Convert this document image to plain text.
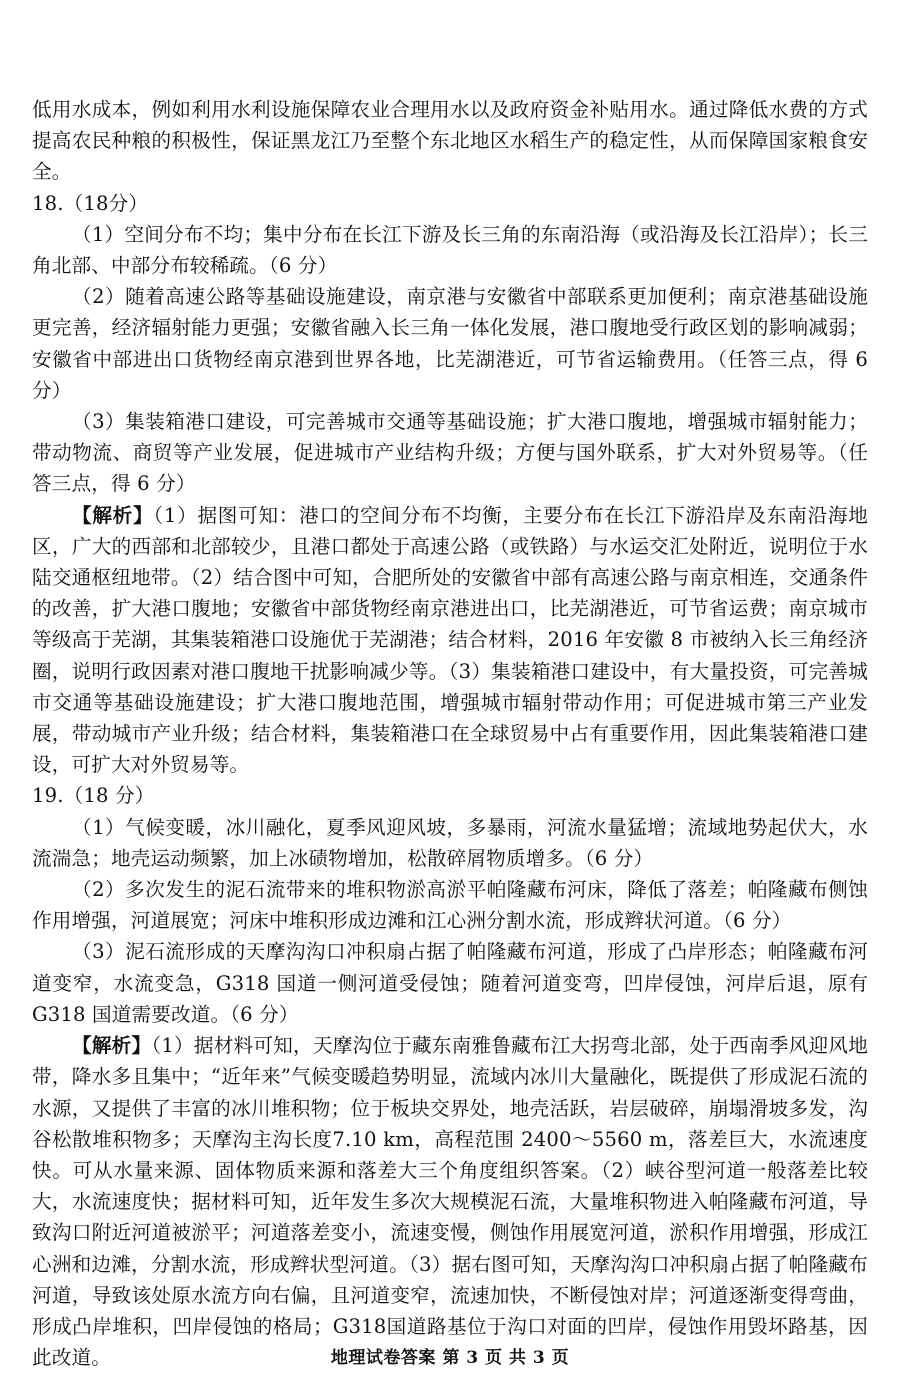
低用水成本，例如利用水利设施保障农业合理用水以及政府资金补贴用水。通过降低水费的方式提高农民种粮的积极性，保证黑龙江乃至整个东北地区水稻生产的稳定性，从而保障国家粮食安全。

18.（18分）

（1）空间分布不均；集中分布在长江下游及长三角的东南沿海（或沿海及长江沿岸）；长三角北部、中部分布较稀疏。（6 分）

（2）随着高速公路等基础设施建设，南京港与安徽省中部联系更加便利；南京港基础设施更完善，经济辐射能力更强；安徽省融入长三角一体化发展，港口腹地受行政区划的影响减弱；安徽省中部进出口货物经南京港到世界各地，比芜湖港近，可节省运输费用。（任答三点，得 6 分）

（3）集装箱港口建设，可完善城市交通等基础设施；扩大港口腹地，增强城市辐射能力；带动物流、商贸等产业发展，促进城市产业结构升级；方便与国外联系，扩大对外贸易等。（任答三点，得 6 分）

【解析】（1）据图可知：港口的空间分布不均衡，主要分布在长江下游沿岸及东南沿海地区，广大的西部和北部较少，且港口都处于高速公路（或铁路）与水运交汇处附近，说明位于水陆交通枢纽地带。（2）结合图中可知，合肥所处的安徽省中部有高速公路与南京相连，交通条件的改善，扩大港口腹地；安徽省中部货物经南京港进出口，比芜湖港近，可节省运费；南京城市等级高于芜湖，其集装箱港口设施优于芜湖港；结合材料，2016 年安徽 8 市被纳入长三角经济圈，说明行政因素对港口腹地干扰影响减少等。（3）集装箱港口建设中，有大量投资，可完善城市交通等基础设施建设；扩大港口腹地范围，增强城市辐射带动作用；可促进城市第三产业发展，带动城市产业升级；结合材料，集装箱港口在全球贸易中占有重要作用，因此集装箱港口建设，可扩大对外贸易等。

19.（18 分）

（1）气候变暖，冰川融化，夏季风迎风坡，多暴雨，河流水量猛增；流域地势起伏大，水流湍急；地壳运动频繁，加上冰碛物增加，松散碎屑物质增多。（6 分）

（2）多次发生的泥石流带来的堆积物淤高淤平帕隆藏布河床，降低了落差；帕隆藏布侧蚀作用增强，河道展宽；河床中堆积形成边滩和江心洲分割水流，形成辫状河道。（6 分）

（3）泥石流形成的天摩沟沟口冲积扇占据了帕隆藏布河道，形成了凸岸形态；帕隆藏布河道变窄，水流变急，G318 国道一侧河道受侵蚀；随着河道变弯，凹岸侵蚀，河岸后退，原有 G318 国道需要改道。（6 分）

【解析】（1）据材料可知，天摩沟位于藏东南雅鲁藏布江大拐弯北部，处于西南季风迎风地带，降水多且集中；“近年来”气候变暖趋势明显，流域内冰川大量融化，既提供了形成泥石流的水源，又提供了丰富的冰川堆积物；位于板块交界处，地壳活跃，岩层破碎，崩塌滑坡多发，沟谷松散堆积物多；天摩沟主沟长度7.10 km，高程范围 2400～5560 m，落差巨大，水流速度快。可从水量来源、固体物质来源和落差大三个角度组织答案。（2）峡谷型河道一般落差比较大，水流速度快；据材料可知，近年发生多次大规模泥石流，大量堆积物进入帕隆藏布河道，导致沟口附近河道被淤平；河道落差变小，流速变慢，侧蚀作用展宽河道，淤积作用增强，形成江心洲和边滩，分割水流，形成辫状型河道。（3）据右图可知，天摩沟沟口冲积扇占据了帕隆藏布河道，导致该处原水流方向右偏，且河道变窄，流速加快，不断侵蚀对岸；河道逐渐变得弯曲，形成凸岸堆积，凹岸侵蚀的格局；G318国道路基位于沟口对面的凹岸，侵蚀作用毁坏路基，因此改道。	地理试卷答案 第 3 页 共 3 页
